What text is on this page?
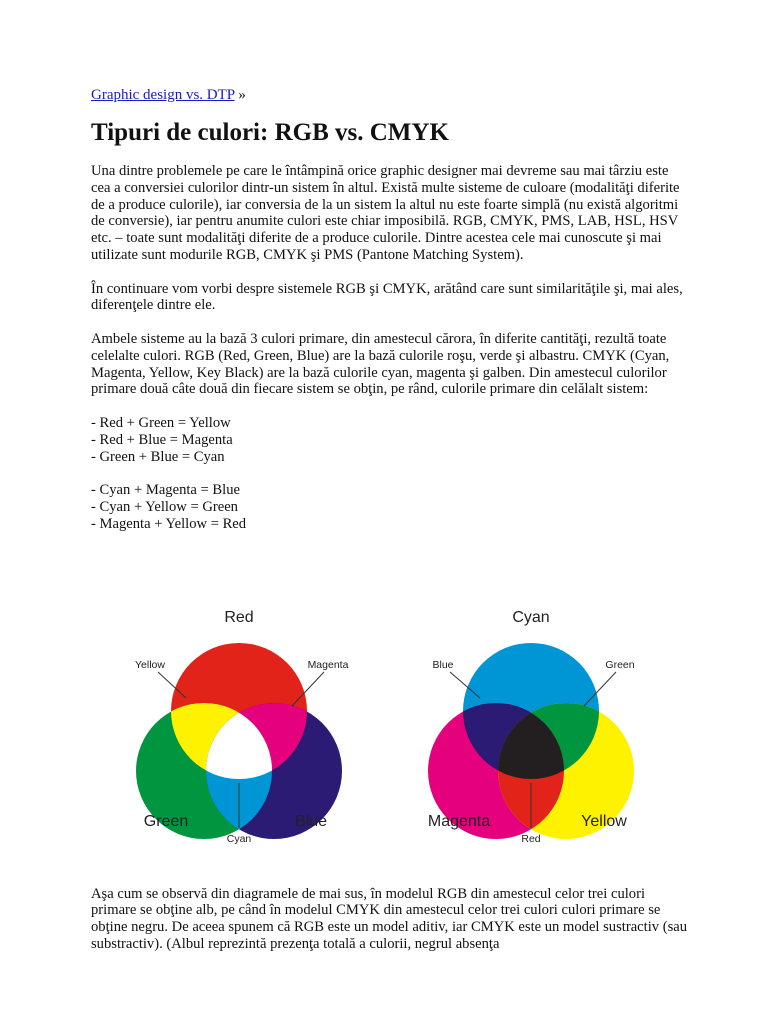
Graphic design vs. DTP »
Tipuri de culori: RGB vs. CMYK

Una dintre problemele pe care le întâmpină orice graphic designer mai devreme sau mai târziu este cea a conversiei culorilor dintr-un sistem în altul. Există multe sisteme de culoare (modalităţi diferite de a produce culorile), iar conversia de la un sistem la altul nu este foarte simplă (nu există algoritmi de conversie), iar pentru anumite culori este chiar imposibilă. RGB, CMYK, PMS, LAB, HSL, HSV etc. – toate sunt modalităţi diferite de a produce culorile. Dintre acestea cele mai cunoscute şi mai utilizate sunt modurile RGB, CMYK şi PMS (Pantone Matching System).

În continuare vom vorbi despre sistemele RGB şi CMYK, arătând care sunt similarităţile şi, mai ales, diferenţele dintre ele.

Ambele sisteme au la bază 3 culori primare, din amestecul cărora, în diferite cantităţi, rezultă toate celelalte culori. RGB (Red, Green, Blue) are la bază culorile roşu, verde şi albastru. CMYK (Cyan, Magenta, Yellow, Key Black) are la bază culorile cyan, magenta şi galben. Din amestecul culorilor primare două câte două din fiecare sistem se obţin, pe rând, culorile primare din celălalt sistem:

- Red + Green = Yellow
- Red + Blue = Magenta
- Green + Blue = Cyan
- Cyan + Magenta = Blue
- Cyan + Yellow = Green
- Magenta + Yellow = Red
Red
Yellow	Magenta
Green	Blue
Cyan
Cyan
Blue	Green
Magenta	Yellow
Red

Aşa cum se observă din diagramele de mai sus, în modelul RGB din amestecul celor trei culori primare se obţine alb, pe când în modelul CMYK din amestecul celor trei culori culori primare se obţine negru. De aceea spunem că RGB este un model aditiv, iar CMYK este un model sustractiv (sau substractiv). (Albul reprezintă prezenţa totală a culorii, negrul absenţa
